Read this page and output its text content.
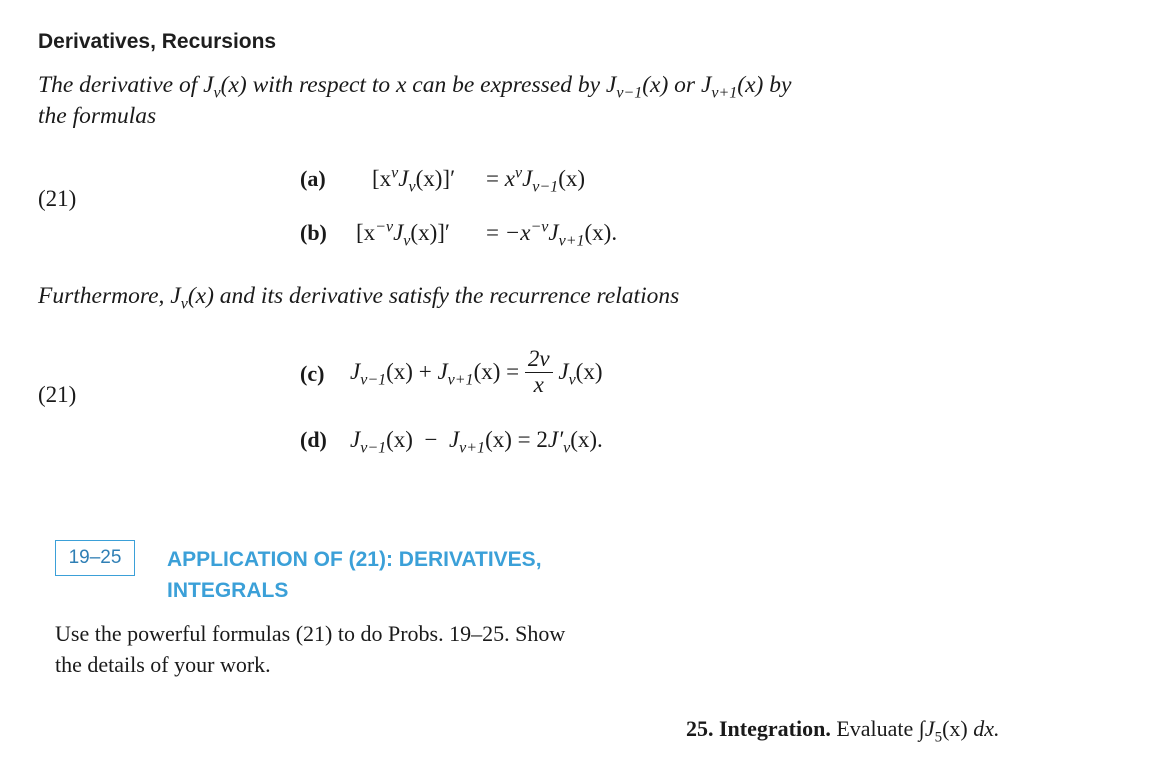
Derivatives, Recursions
The derivative of $J_\nu(x)$ with respect to x can be expressed by $J_{\nu-1}(x)$ or $J_{\nu+1}(x)$ by
the formulas
(21)
(a) $[x^\nu J_\nu(x)]' = x^\nu J_{\nu-1}(x)$
(b) $[x^{-\nu}J_\nu(x)]' = -x^{-\nu}J_{\nu+1}(x)$.
Furthermore, $J_\nu(x)$ and its derivative satisfy the recurrence relations
(21)
(c) $J_{\nu-1}(x) + J_{\nu+1}(x) = \frac{2\nu}{x} J_\nu(x)$
(d) $J_{\nu-1}(x) - J_{\nu+1}(x) = 2J'_\nu(x)$.
19–25	APPLICATION OF (21): DERIVATIVES,
INTEGRALS
Use the powerful formulas (21) to do Probs. 19–25. Show
the details of your work.
25. Integration. Evaluate $\int J_5(x)$ dx.
